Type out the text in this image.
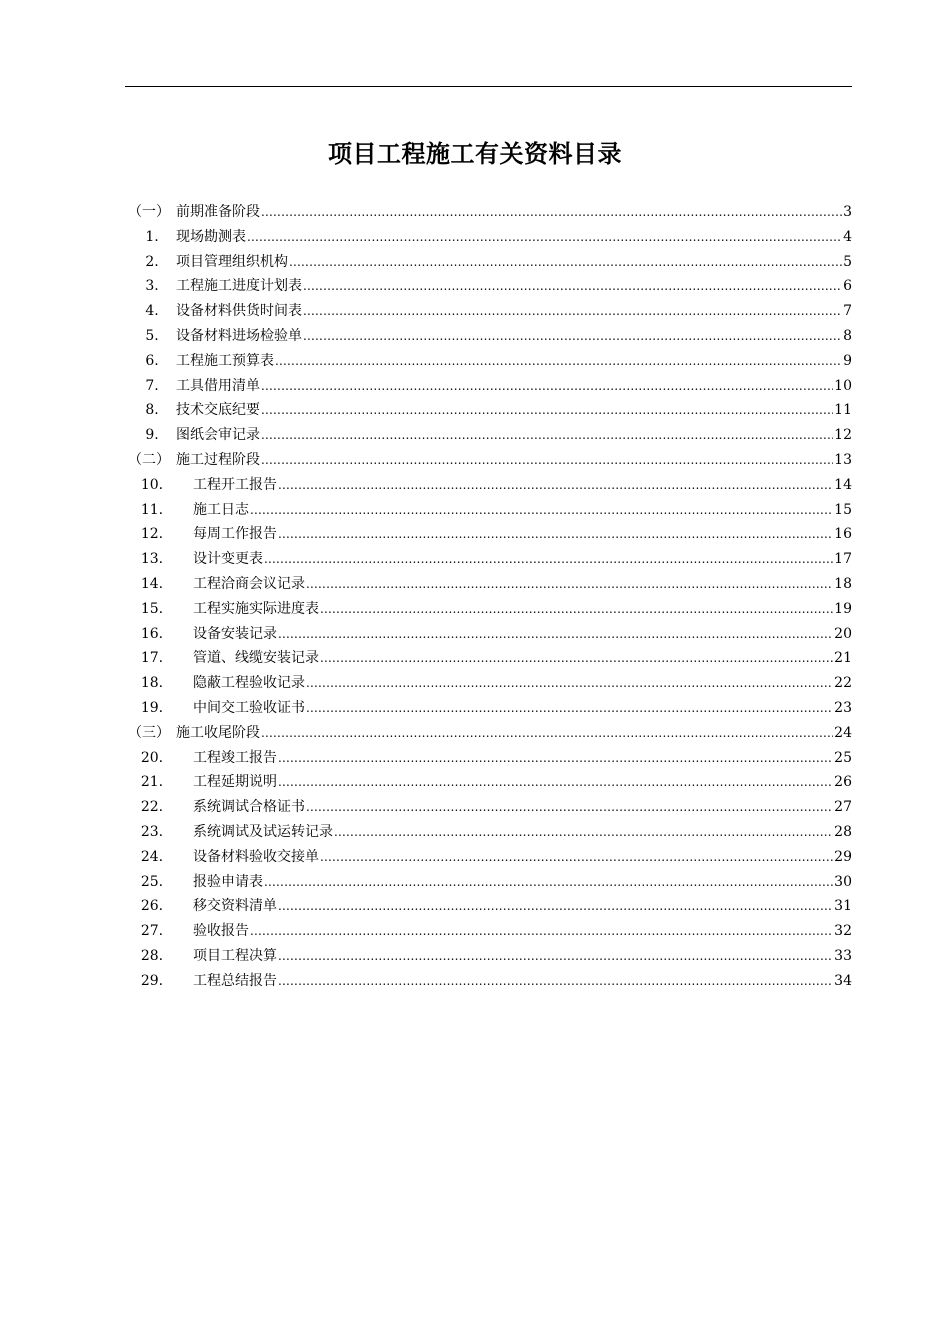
项目工程施工有关资料目录
（一） 前期准备阶段 .....	3
1.	现场勘测表 .....	4
2.	项目管理组织机构 .....	5
3.	工程施工进度计划表 .....	6
4.	设备材料供货时间表 .....	7
5.	设备材料进场检验单 .....	8
6.	工程施工预算表 .....	9
7.	工具借用清单 .....	10
8.	技术交底纪要 .....	11
9.	图纸会审记录 .....	12
（二） 施工过程阶段 .....	13
10.	工程开工报告 .....	14
11.	施工日志 .....	15
12.	每周工作报告 .....	16
13.	设计变更表 .....	17
14.	工程洽商会议记录 .....	18
15.	工程实施实际进度表 .....	19
16.	设备安装记录 .....	20
17.	管道、线缆安装记录 .....	21
18.	隐蔽工程验收记录 .....	22
19.	中间交工验收证书 .....	23
（三） 施工收尾阶段 .....	24
20.	工程竣工报告 .....	25
21.	工程延期说明 .....	26
22.	系统调试合格证书 .....	27
23.	系统调试及试运转记录 .....	28
24.	设备材料验收交接单 .....	29
25.	报验申请表 .....	30
26.	移交资料清单 .....	31
27.	验收报告 .....	32
28.	项目工程决算 .....	33
29.	工程总结报告 .....	34
